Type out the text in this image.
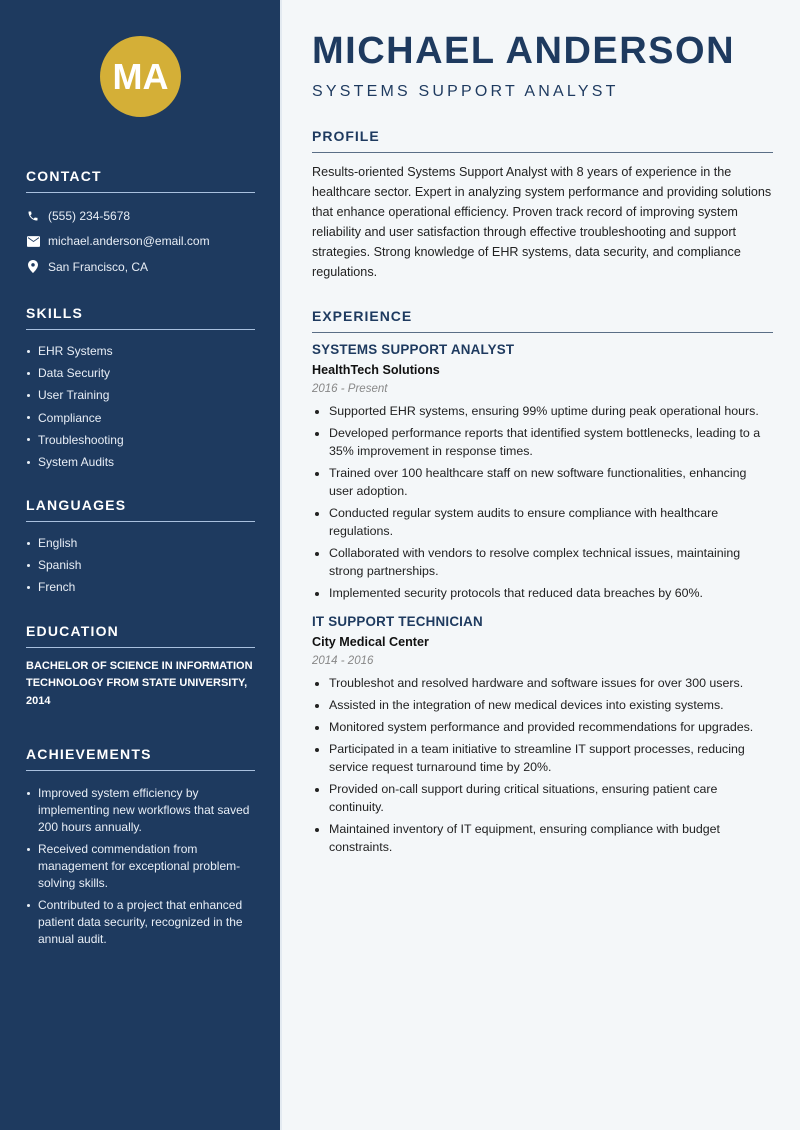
MA
CONTACT
(555) 234-5678
michael.anderson@email.com
San Francisco, CA
SKILLS
EHR Systems
Data Security
User Training
Compliance
Troubleshooting
System Audits
LANGUAGES
English
Spanish
French
EDUCATION
BACHELOR OF SCIENCE IN INFORMATION TECHNOLOGY FROM STATE UNIVERSITY, 2014
ACHIEVEMENTS
Improved system efficiency by implementing new workflows that saved 200 hours annually.
Received commendation from management for exceptional problem-solving skills.
Contributed to a project that enhanced patient data security, recognized in the annual audit.
MICHAEL ANDERSON
SYSTEMS SUPPORT ANALYST
PROFILE

Results-oriented Systems Support Analyst with 8 years of experience in the healthcare sector. Expert in analyzing system performance and providing solutions that enhance operational efficiency. Proven track record of improving system reliability and user satisfaction through effective troubleshooting and support strategies. Strong knowledge of EHR systems, data security, and compliance regulations.

EXPERIENCE
SYSTEMS SUPPORT ANALYST
HealthTech Solutions
2016 - Present
Supported EHR systems, ensuring 99% uptime during peak operational hours.
Developed performance reports that identified system bottlenecks, leading to a 35% improvement in response times.
Trained over 100 healthcare staff on new software functionalities, enhancing user adoption.
Conducted regular system audits to ensure compliance with healthcare regulations.
Collaborated with vendors to resolve complex technical issues, maintaining strong partnerships.
Implemented security protocols that reduced data breaches by 60%.
IT SUPPORT TECHNICIAN
City Medical Center
2014 - 2016
Troubleshot and resolved hardware and software issues for over 300 users.
Assisted in the integration of new medical devices into existing systems.
Monitored system performance and provided recommendations for upgrades.
Participated in a team initiative to streamline IT support processes, reducing service request turnaround time by 20%.
Provided on-call support during critical situations, ensuring patient care continuity.
Maintained inventory of IT equipment, ensuring compliance with budget constraints.
